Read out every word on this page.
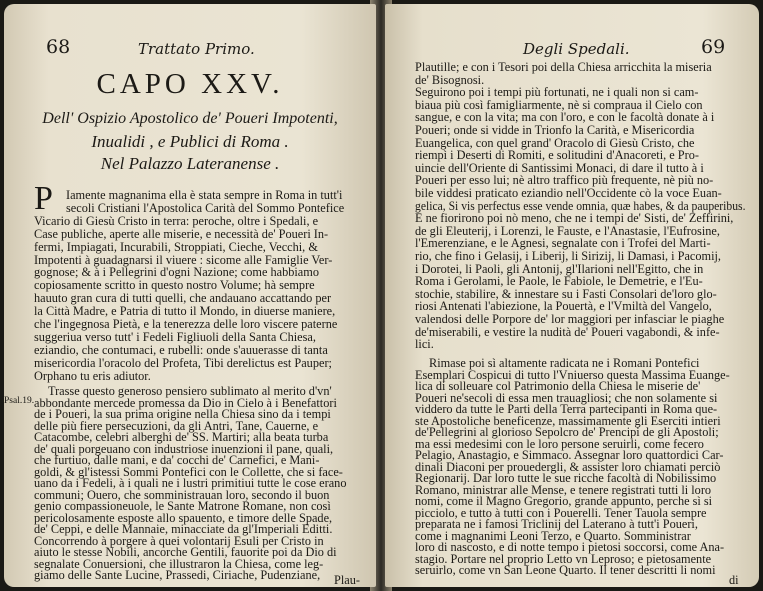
68	Trattato Primo.
CAPO XXV.
Dell' Ospizio Apostolico de' Poueri Impotenti,
Inualidi , e Publici di Roma .
Nel Palazzo Lateranense .
P Iamente magnanima ella è stata sempre in Roma in tutt'i
secoli Cristiani l'Apostolica Carità del Sommo Pontefice
Vicario di Giesù Cristo in terra: peroche, oltre i Spedali, e
Case publiche, aperte alle miserie, e necessità de' Poueri In-
fermi, Impiagati, Incurabili, Stroppiati, Cieche, Vecchi, &
Impotenti à guadagnarsi il viuere : sicome alle Famiglie Ver-
gognose; & à i Pellegrini d'ogni Nazione; come habbiamo
copiosamente scritto in questo nostro Volume; hà sempre
hauuto gran cura di tutti quelli, che andauano accattando per
la Città Madre, e Patria di tutto il Mondo, in diuerse maniere,
che l'ingegnosa Pietà, e la tenerezza delle loro viscere paterne
suggeriua verso tutt' i Fedeli Figliuoli della Santa Chiesa,
eziandio, che contumaci, e rubelli: onde s'auuerasse di tanta
misericordia l'oracolo del Profeta, Tibi derelictus est Pauper;
Orphano tu eris adiutor.
Psal.19.
Trasse questo generoso pensiero sublimato al merito d'vn'
abbondante mercede promessa da Dio in Cielo à i Benefattori
de i Poueri, la sua prima origine nella Chiesa sino da i tempi
delle più fiere persecuzioni, da gli Antri, Tane, Cauerne, e
Catacombe, celebri alberghi de' SS. Martiri; alla beata turba
de' quali porgeuano con industriose inuenzioni il pane, quali,
che furtiuo, dalle mani, e da' cocchi de' Carnefici, e Mani-
goldi, & gl'istessi Sommi Pontefici con le Collette, che si face-
uano da i Fedeli, à i quali ne i lustri primitiui tutte le cose erano
communi; Ouero, che somministrauan loro, secondo il buon
genio compassioneuole, le Sante Matrone Romane, non così
pericolosamente esposte allo spauento, e timore delle Spade,
de' Ceppi, e delle Mannaie, minacciate da gl'Imperiali Editti.
Concorrendo à porgere à quei volontarij Esuli per Cristo in
aiuto le stesse Nobili, ancorche Gentili, fauorite poi da Dio di
segnalate Conuersioni, che illustraron la Chiesa, come leg-
giamo delle Sante Lucine, Prassedi, Ciriache, Pudenziane,	Plau-
Degli Spedali.	69
Plautille; e con i Tesori poi della Chiesa arricchita la miseria
de' Bisognosi.
Seguirono poi i tempi più fortunati, ne i quali non si cam-
biaua più così famigliarmente, nè si compraua il Cielo con
sangue, e con la vita; ma con l'oro, e con le facoltà donate à i
Poueri; onde si vidde in Trionfo la Carità, e Misericordia
Euangelica, con quel grand' Oracolo di Giesù Cristo, che
riempì i Deserti di Romiti, e solitudini d'Anacoreti, e Pro-
uincie dell'Oriente di Santissimi Monaci, di dare il tutto à i
Poueri per esso lui; nè altro traffico più frequente, nè più no-
bile viddesi praticato eziandio nell'Occidente cò la voce Euan-
gelica, Si vis perfectus esse vende omnia, quæ habes, & da pauperibus.
E ne fiorirono poi nò meno, che ne i tempi de' Sisti, de' Zeffirini,
de gli Eleuterij, i Lorenzi, le Fauste, e l'Anastasie, l'Eufrosine,
l'Emerenziane, e le Agnesi, segnalate con i Trofei del Marti-
rio, che fino i Gelasij, i Liberij, li Sirizij, li Damasi, i Pacomij,
i Dorotei, li Paoli, gli Antonij, gl'Ilarioni nell'Egitto, che in
Roma i Gerolami, le Paole, le Fabiole, le Demetrie, e l'Eu-
stochie, stabilire, & innestare su i Fasti Consolari de'loro glo-
riosi Antenati l'abiezione, la Pouertà, e l'Vmiltà del Vangelo,
valendosi delle Porpore de' lor maggiori per infasciar le piaghe
de'miserabili, e vestire la nudità de' Poueri vagabondi, & infe-
lici.
Rimase poi sì altamente radicata ne i Romani Pontefici
Esemplari Cospicui di tutto l'Vniuerso questa Massima Euange-
lica di solleuare col Patrimonio della Chiesa le miserie de'
Poueri ne'secoli di essa men trauagliosi; che non solamente si
viddero da tutte le Parti della Terra partecipanti in Roma que-
ste Apostoliche beneficenze, massimamente gli Eserciti intieri
de'Pellegrini al glorioso Sepolcro de' Prencipi de gli Apostoli;
ma essi medesimi con le loro persone seruirli, come fecero
Pelagio, Anastagio, e Simmaco. Assegnar loro quattordici Car-
dinali Diaconi per prouedergli, & assister loro chiamati perciò
Regionarij. Dar loro tutte le sue ricche facoltà di Nobilissimo
Romano, ministrar alle Mense, e tenere registrati tutti li loro
nomi, come il Magno Gregorio, grande appunto, perche sì si
picciolo, e tutto à tutti con i Pouerelli. Tener Tauola sempre
preparata ne i famosi Triclinij del Laterano à tutt'i Poueri,
come i magnanimi Leoni Terzo, e Quarto. Somministrar
loro di nascosto, e di notte tempo i pietosi soccorsi, come Ana-
stagio. Portare nel proprio Letto vn Leproso; e pietosamente
seruirlo, come vn San Leone Quarto. Il tener descritti li nomi
di
